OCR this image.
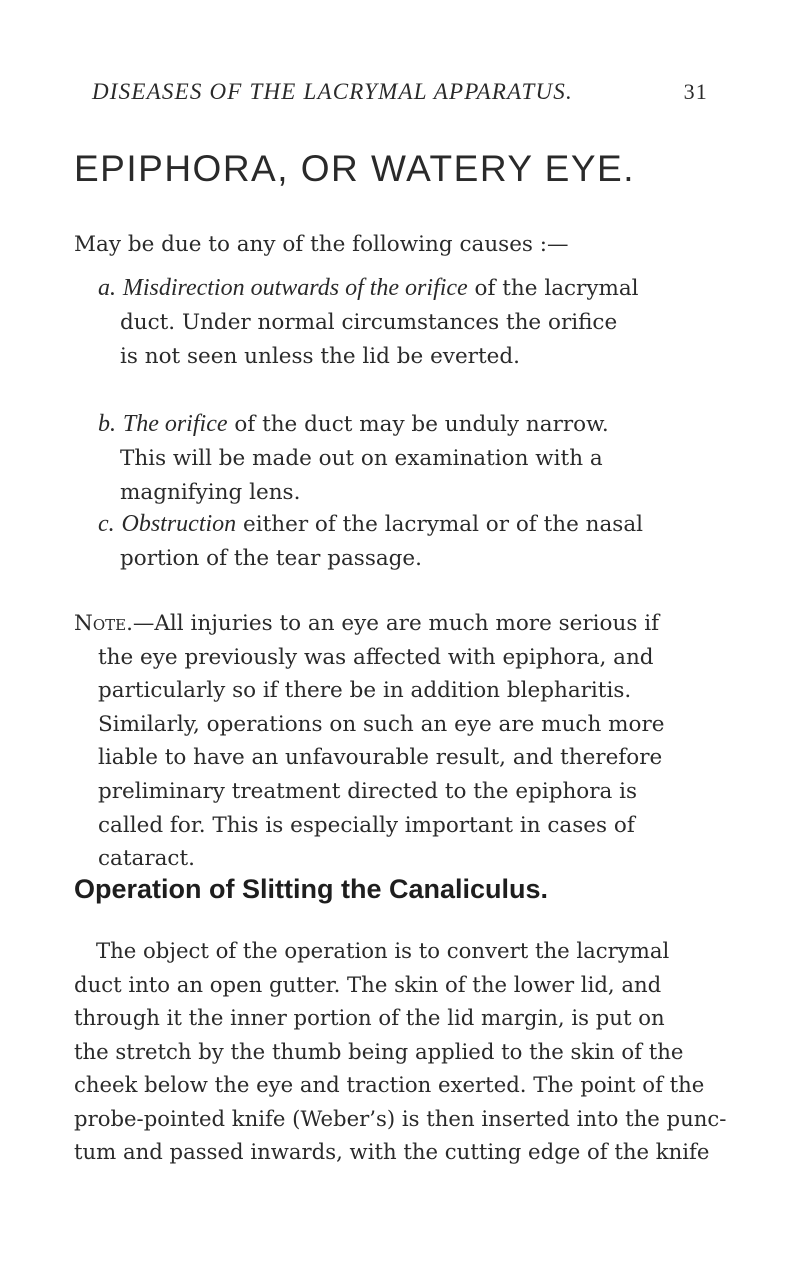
DISEASES OF THE LACRYMAL APPARATUS.	31
EPIPHORA, OR WATERY EYE.
May be due to any of the following causes :—
a. Misdirection outwards of the orifice of the lacrymal
duct. Under normal circumstances the orifice
is not seen unless the lid be everted.
b. The orifice of the duct may be unduly narrow.
This will be made out on examination with a
magnifying lens.
c. Obstruction either of the lacrymal or of the nasal
portion of the tear passage.
Note.—All injuries to an eye are much more serious if
the eye previously was affected with epiphora, and
particularly so if there be in addition blepharitis.
Similarly, operations on such an eye are much more
liable to have an unfavourable result, and therefore
preliminary treatment directed to the epiphora is
called for. This is especially important in cases of
cataract.
Operation of Slitting the Canaliculus.
The object of the operation is to convert the lacrymal
duct into an open gutter. The skin of the lower lid, and
through it the inner portion of the lid margin, is put on
the stretch by the thumb being applied to the skin of the
cheek below the eye and traction exerted. The point of the
probe-pointed knife (Weber’s) is then inserted into the punc-
tum and passed inwards, with the cutting edge of the knife
